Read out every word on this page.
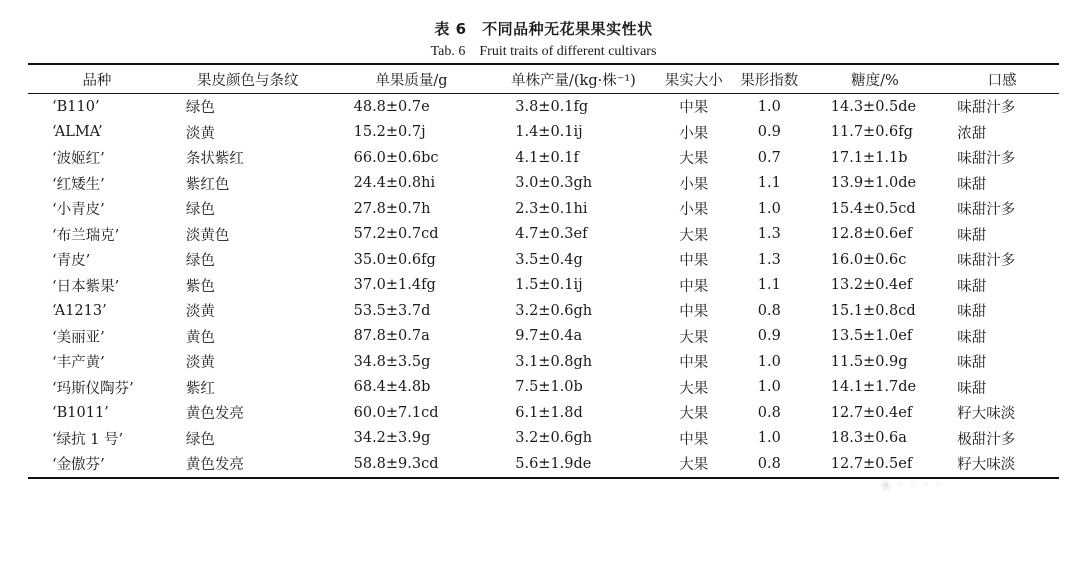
表 6　不同品种无花果果实性状
Tab. 6　Fruit traits of different cultivars
品种	果皮颜色与条纹	单果质量/g	单株产量/(kg·株⁻¹)	果实大小	果形指数	糖度/%	口感
‘B110’	绿色	48.8±0.7e	3.8±0.1fg	中果	1.0	14.3±0.5de	味甜汁多
‘ALMA’	淡黄	15.2±0.7j	1.4±0.1ij	小果	0.9	11.7±0.6fg	浓甜
‘波姬红’	条状紫红	66.0±0.6bc	4.1±0.1f	大果	0.7	17.1±1.1b	味甜汁多
‘红矮生’	紫红色	24.4±0.8hi	3.0±0.3gh	小果	1.1	13.9±1.0de	味甜
‘小青皮’	绿色	27.8±0.7h	2.3±0.1hi	小果	1.0	15.4±0.5cd	味甜汁多
‘布兰瑞克’	淡黄色	57.2±0.7cd	4.7±0.3ef	大果	1.3	12.8±0.6ef	味甜
‘青皮’	绿色	35.0±0.6fg	3.5±0.4g	中果	1.3	16.0±0.6c	味甜汁多
‘日本紫果’	紫色	37.0±1.4fg	1.5±0.1ij	中果	1.1	13.2±0.4ef	味甜
‘A1213’	淡黄	53.5±3.7d	3.2±0.6gh	中果	0.8	15.1±0.8cd	味甜
‘美丽亚’	黄色	87.8±0.7a	9.7±0.4a	大果	0.9	13.5±1.0ef	味甜
‘丰产黄’	淡黄	34.8±3.5g	3.1±0.8gh	中果	1.0	11.5±0.9g	味甜
‘玛斯仪陶芬’	紫红	68.4±4.8b	7.5±1.0b	大果	1.0	14.1±1.7de	味甜
‘B1011’	黄色发亮	60.0±7.1cd	6.1±1.8d	大果	0.8	12.7±0.4ef	籽大味淡
‘绿抗 1 号’	绿色	34.2±3.9g	3.2±0.6gh	中果	1.0	18.3±0.6a	极甜汁多
‘金傲芬’	黄色发亮	58.8±9.3cd	5.6±1.9de	大果	0.8	12.7±0.5ef	籽大味淡
❀ ◦ ◦ ◦ ◦
